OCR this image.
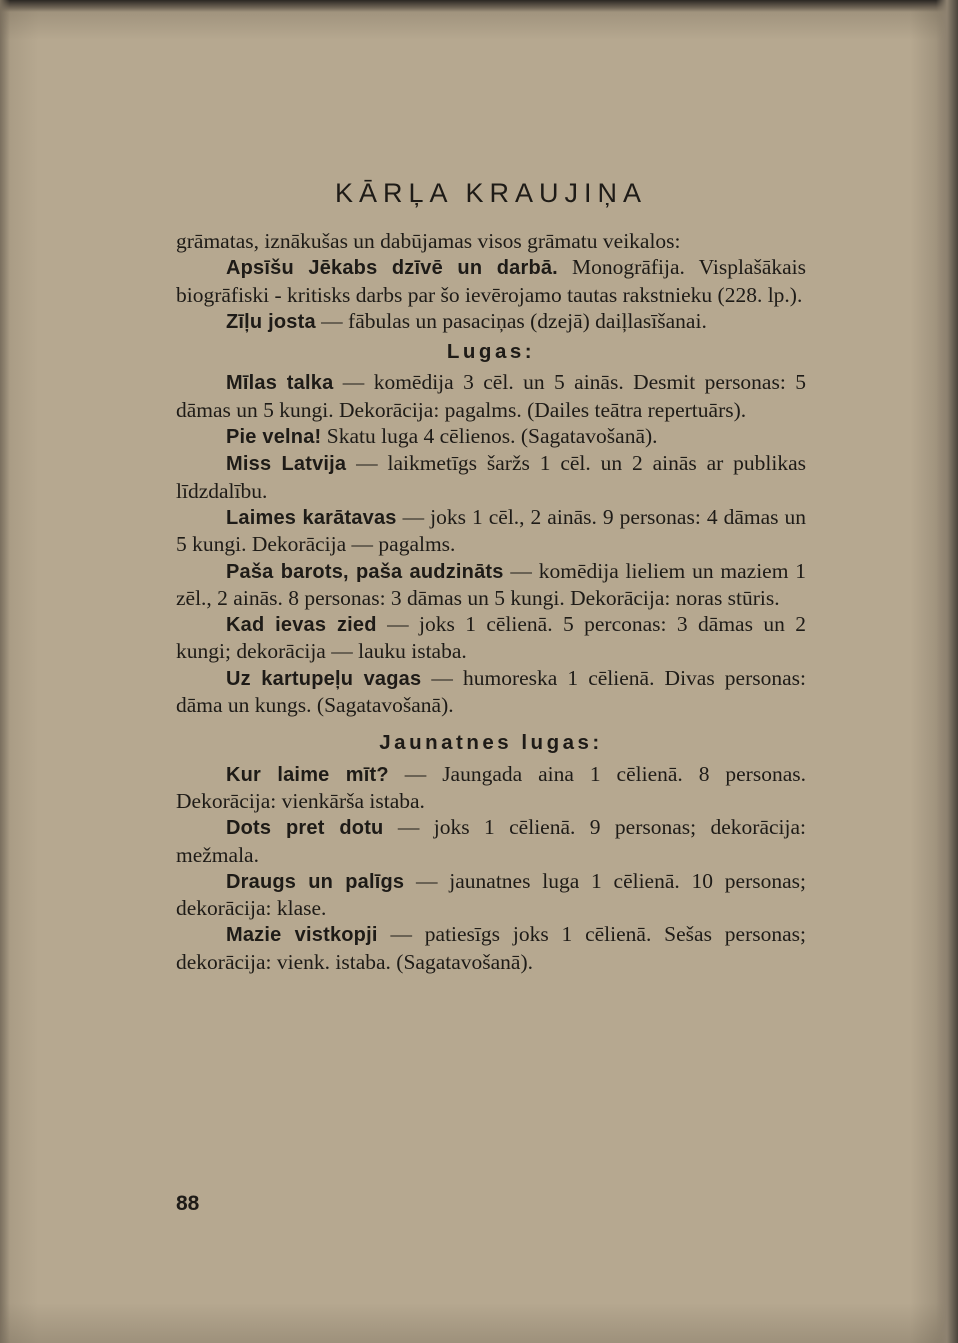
KĀRĻA KRAUJIŅA

grāmatas, iznākušas un dabūjamas visos grāmatu veikalos:

Apsīšu Jēkabs dzīvē un darbā. Monogrāfija. Visplašākais biogrāfiski - kritisks darbs par šo ievērojamo tautas rakstnieku (228. lp.).

Zīļu josta — fābulas un pasaciņas (dzejā) daiļlasīšanai.

Lugas:

Mīlas talka — komēdija 3 cēl. un 5 ainās. Desmit personas: 5 dāmas un 5 kungi. Dekorācija: pagalms. (Dailes teātra repertuārs).

Pie velna! Skatu luga 4 cēlienos. (Sagatavošanā).

Miss Latvija — laikmetīgs šaržs 1 cēl. un 2 ainās ar publikas līdzdalību.

Laimes karātavas — joks 1 cēl., 2 ainās. 9 personas: 4 dāmas un 5 kungi. Dekorācija — pagalms.

Paša barots, paša audzināts — komēdija lieliem un maziem 1 zēl., 2 ainās. 8 personas: 3 dāmas un 5 kungi. Dekorācija: noras stūris.

Kad ievas zied — joks 1 cēlienā. 5 perconas: 3 dāmas un 2 kungi; dekorācija — lauku istaba.

Uz kartupeļu vagas — humoreska 1 cēlienā. Divas personas: dāma un kungs. (Sagatavošanā).

Jaunatnes lugas:

Kur laime mīt? — Jaungada aina 1 cēlienā. 8 personas. Dekorācija: vienkārša istaba.

Dots pret dotu — joks 1 cēlienā. 9 personas; dekorācija: mežmala.

Draugs un palīgs — jaunatnes luga 1 cēlienā. 10 personas; dekorācija: klase.

Mazie vistkopji — patiesīgs joks 1 cēlienā. Sešas personas; dekorācija: vienk. istaba. (Sagatavošanā).

88
